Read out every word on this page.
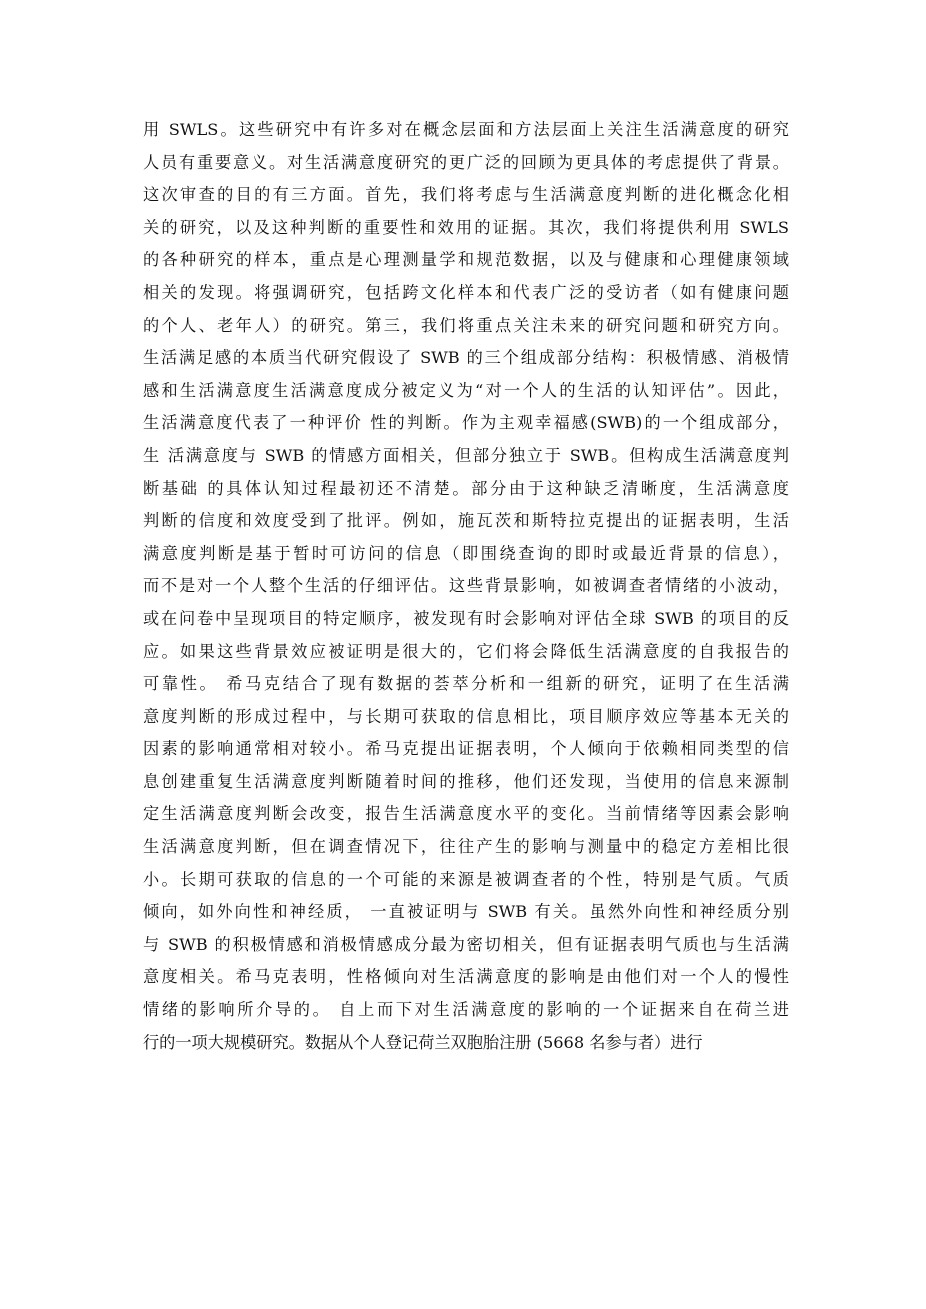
用 SWLS。这些研究中有许多对在概念层面和方法层面上关注生活满意度的研究
人员有重要意义。对生活满意度研究的更广泛的回顾为更具体的考虑提供了背景。
这次审查的目的有三方面。首先，我们将考虑与生活满意度判断的进化概念化相
关的研究，以及这种判断的重要性和效用的证据。其次，我们将提供利用 SWLS
的各种研究的样本，重点是心理测量学和规范数据，以及与健康和心理健康领域
相关的发现。将强调研究，包括跨文化样本和代表广泛的受访者（如有健康问题
的个人、老年人）的研究。第三，我们将重点关注未来的研究问题和研究方向。
生活满足感的本质当代研究假设了 SWB 的三个组成部分结构：积极情感、消极情
感和生活满意度生活满意度成分被定义为“对一个人的生活的认知评估”。因此，
生活满意度代表了一种评价 性的判断。作为主观幸福感(SWB)的一个组成部分，
生 活满意度与 SWB 的情感方面相关，但部分独立于 SWB。但构成生活满意度判
断基础 的具体认知过程最初还不清楚。部分由于这种缺乏清晰度，生活满意度
判断的信度和效度受到了批评。例如，施瓦茨和斯特拉克提出的证据表明，生活
满意度判断是基于暂时可访问的信息（即围绕查询的即时或最近背景的信息），
而不是对一个人整个生活的仔细评估。这些背景影响，如被调查者情绪的小波动，
或在问卷中呈现项目的特定顺序，被发现有时会影响对评估全球 SWB 的项目的反
应。如果这些背景效应被证明是很大的，它们将会降低生活满意度的自我报告的
可靠性。 希马克结合了现有数据的荟萃分析和一组新的研究，证明了在生活满
意度判断的形成过程中，与长期可获取的信息相比，项目顺序效应等基本无关的
因素的影响通常相对较小。希马克提出证据表明，个人倾向于依赖相同类型的信
息创建重复生活满意度判断随着时间的推移，他们还发现，当使用的信息来源制
定生活满意度判断会改变，报告生活满意度水平的变化。当前情绪等因素会影响
生活满意度判断，但在调查情况下，往往产生的影响与测量中的稳定方差相比很
小。长期可获取的信息的一个可能的来源是被调查者的个性，特别是气质。气质
倾向，如外向性和神经质， 一直被证明与 SWB 有关。虽然外向性和神经质分别
与 SWB 的积极情感和消极情感成分最为密切相关，但有证据表明气质也与生活满
意度相关。希马克表明，性格倾向对生活满意度的影响是由他们对一个人的慢性
情绪的影响所介导的。 自上而下对生活满意度的影响的一个证据来自在荷兰进
行的一项大规模研究。数据从个人登记荷兰双胞胎注册 (5668 名参与者）进行
